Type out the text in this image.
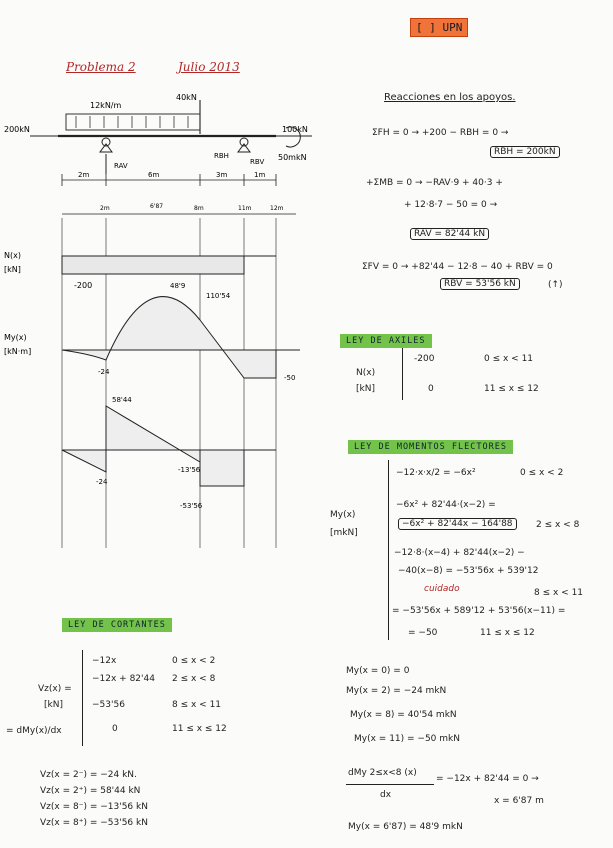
[ ] UPN
Problema 2	Julio 2013
12kN/m
40kN
200kN	100kN
50mkN
RAV
RBH
RBV
2m	6m	3m	1m
2m	6'87	8m	11m	12m
N(x)
[kN]
-200
My(x)
[kN·m]
48'9
110'54
-24
-50
58'44
-24
-13'56
-53'56
Reacciones en los apoyos.
ΣFH = 0 → +200 − RBH = 0 →
RBH = 200kN
+ΣMB = 0 → −RAV·9 + 40·3 +
+ 12·8·7 − 50 = 0 →
RAV = 82'44 kN
ΣFV = 0 → +82'44 − 12·8 − 40 + RBV = 0
RBV = 53'56 kN	(↑)
LEY DE AXILES
N(x)
[kN]
-200	0 ≤ x < 11
0	11 ≤ x ≤ 12
LEY DE MOMENTOS FLECTORES
My(x)
[mkN]
−12·x·x/2 = −6x²	0 ≤ x < 2
−6x² + 82'44·(x−2) =
−6x² + 82'44x − 164'88	2 ≤ x < 8
−12·8·(x−4) + 82'44(x−2) −
−40(x−8) = −53'56x + 539'12
cuidado	8 ≤ x < 11
= −53'56x + 589'12 + 53'56(x−11) =
= −50	11 ≤ x ≤ 12
LEY DE CORTANTES
Vz(x) =
[kN]
= dMy(x)/dx
−12x	0 ≤ x < 2
−12x + 82'44 2 ≤ x < 8
−53'56	8 ≤ x < 11
0	11 ≤ x ≤ 12
Vz(x = 2⁻) = −24 kN.
Vz(x = 2⁺) = 58'44 kN
Vz(x = 8⁻) = −13'56 kN
Vz(x = 8⁺) = −53'56 kN
My(x = 0) = 0
My(x = 2) = −24 mkN
My(x = 8) = 40'54 mkN
My(x = 11) = −50 mkN
dMy 2≤x<8 (x)
dx
= −12x + 82'44 = 0 →
x = 6'87 m
My(x = 6'87) = 48'9 mkN
